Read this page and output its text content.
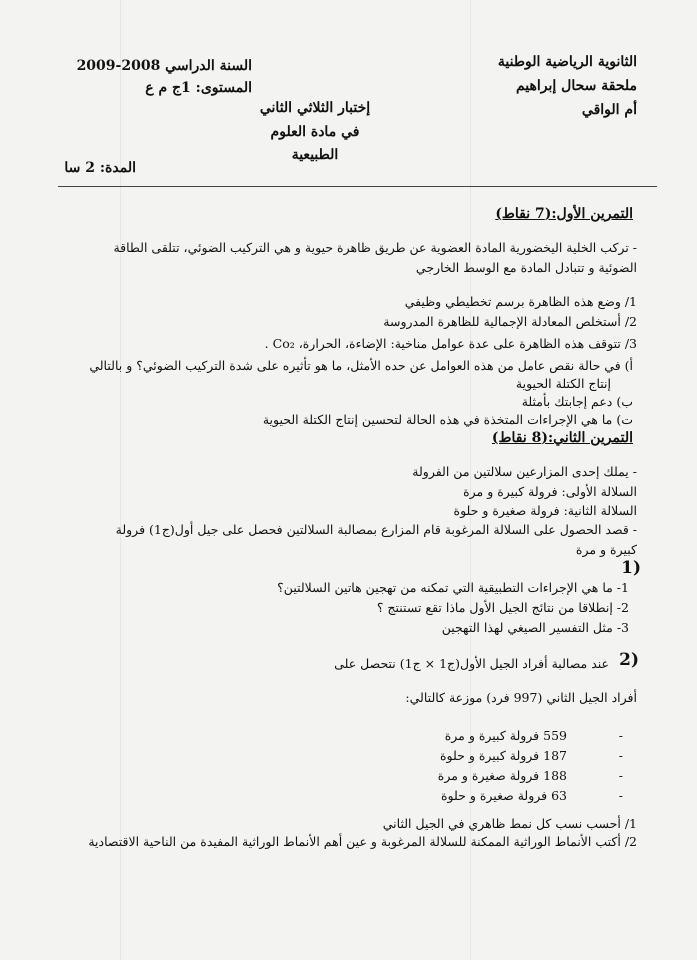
الثانوية الرياضية الوطنية
ملحقة سحال إبراهيم
أم الواقي
السنة الدراسي 2008-2009
المستوى: 1ج م ع
المدة: 2 سا
إختبار الثلاثي الثاني
في مادة العلوم
الطبيعية
التمرين الأول:(7 نقاط)
- تركب الخلية اليخضورية المادة العضوية عن طريق ظاهرة حيوية و هي التركيب الضوئي، تتلقى الطاقة
الضوئية و تتبادل المادة مع الوسط الخارجي
1/ وضع هذه الظاهرة برسم تخطيطي وظيفي
2/ أستخلص المعادلة الإجمالية للظاهرة المدروسة
3/ تتوقف هذه الظاهرة على عدة عوامل مناخية: الإضاءة، الحرارة، Co₂ .
أ) في حالة نقص عامل من هذه العوامل عن حده الأمثل، ما هو تأثيره على شدة التركيب الضوئي؟ و بالتالي
إنتاج الكتلة الحيوية
ب) دعم إجابتك بأمثلة
ت) ما هي الإجراءات المتخذة في هذه الحالة لتحسين إنتاج الكتلة الحيوية
التمرين الثاني:(8 نقاط)
- يملك إحدى المزارعين سلالتين من الفرولة
السلالة الأولى: فرولة كبيرة و مرة
السلالة الثانية: فرولة صغيرة و حلوة
- قصد الحصول على السلالة المرغوبة قام المزارع بمصالبة السلالتين فحصل على جيل أول(ج1) فرولة
كبيرة و مرة
1)
1- ما هي الإجراءات التطبيقية التي تمكنه من تهجين هاتين السلالتين؟
2- إنطلاقا من نتائج الجيل الأول ماذا تقع تستنتج ؟
3- مثل التفسير الصيغي لهذا التهجين
عند مصالبة أفراد الجيل الأول(ج1 × ج1) نتحصل على 2)
أفراد الجيل الثاني (997 فرد) موزعة كالتالي:
559 فرولة كبيرة و مرة	-
187 فرولة كبيرة و حلوة	-
188 فرولة صغيرة و مرة	-
63 فرولة صغيرة و حلوة	-
1/ أحسب نسب كل نمط ظاهري في الجيل الثاني
2/ أكتب الأنماط الوراثية الممكنة للسلالة المرغوبة و عين أهم الأنماط الوراثية المفيدة من الناحية الاقتصادية
